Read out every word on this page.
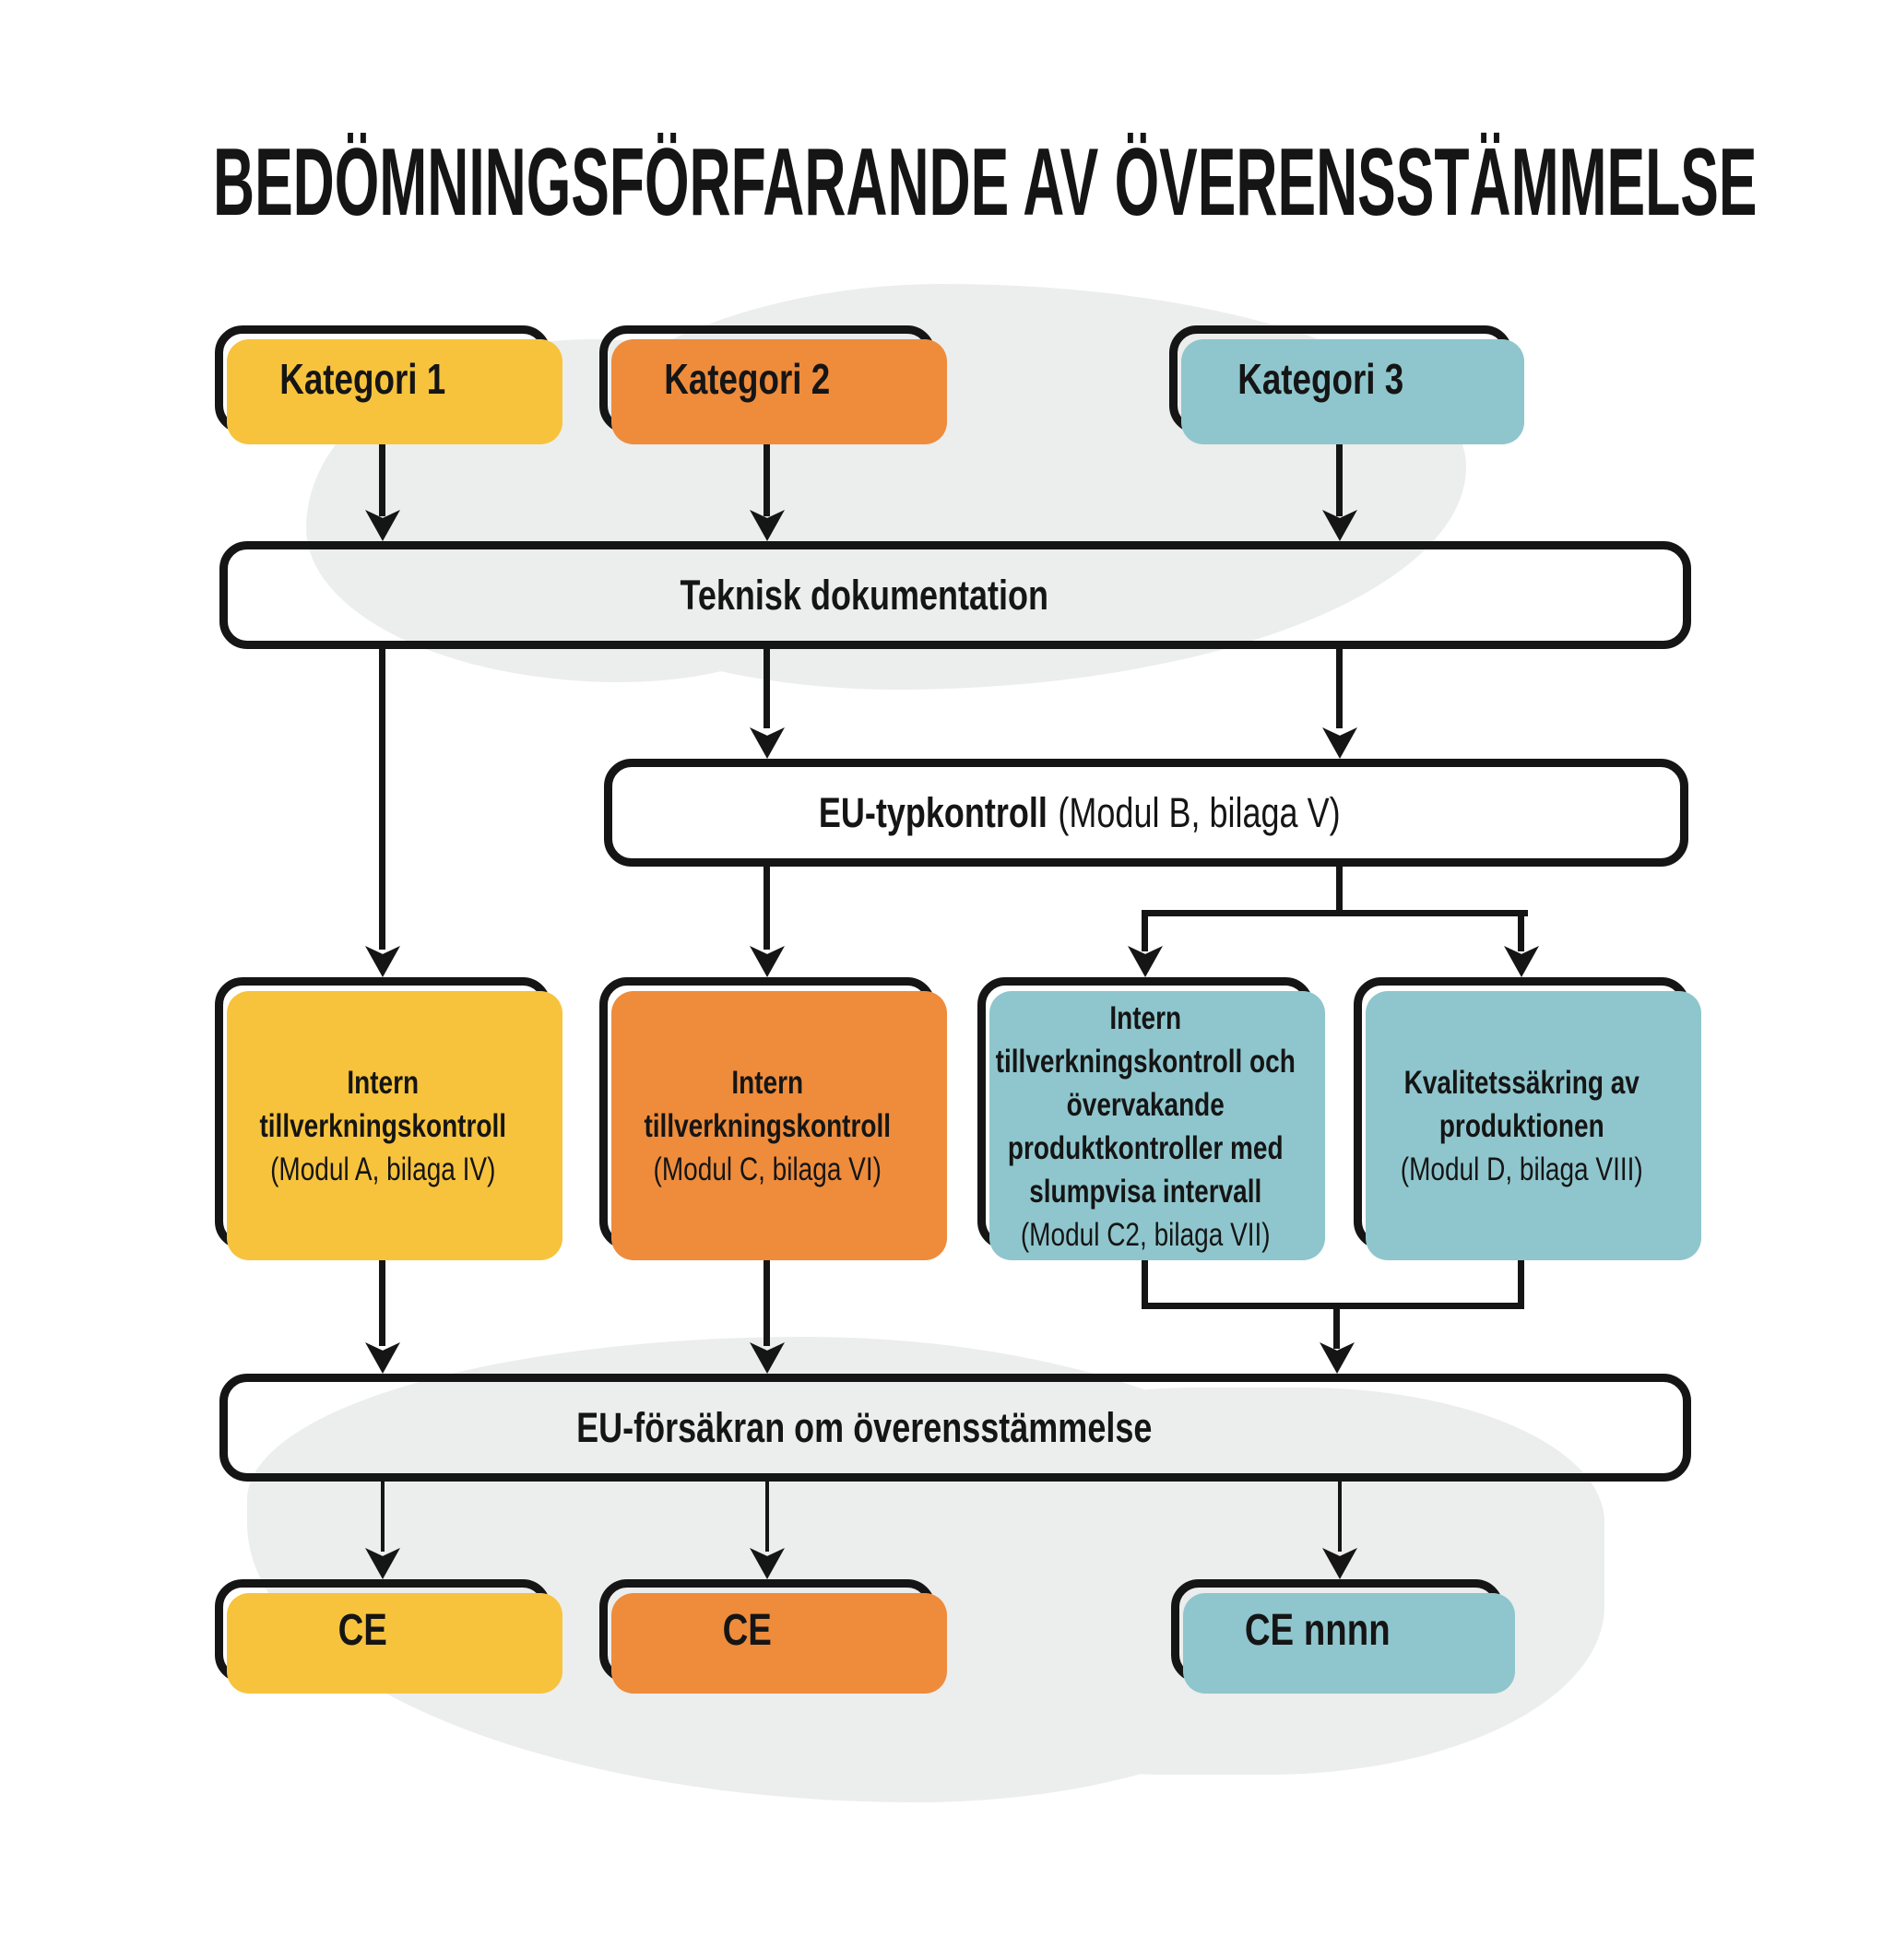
BEDÖMNINGSFÖRFARANDE AV ÖVERENSSTÄMMELSE
Kategori 1	Kategori 2	Kategori 3
Teknisk dokumentation
EU-typkontroll (Modul B, bilaga V)
Intern tillverkningskontroll
(Modul A, bilaga IV)
Intern tillverkningskontroll
(Modul C, bilaga VI)
Intern tillverkningskontroll och övervakande produktkontroller med slumpvisa intervall
(Modul C2, bilaga VII)
Kvalitetssäkring av produktionen
(Modul D, bilaga VIII)
EU-försäkran om överensstämmelse
CE	CE	CE nnnn
